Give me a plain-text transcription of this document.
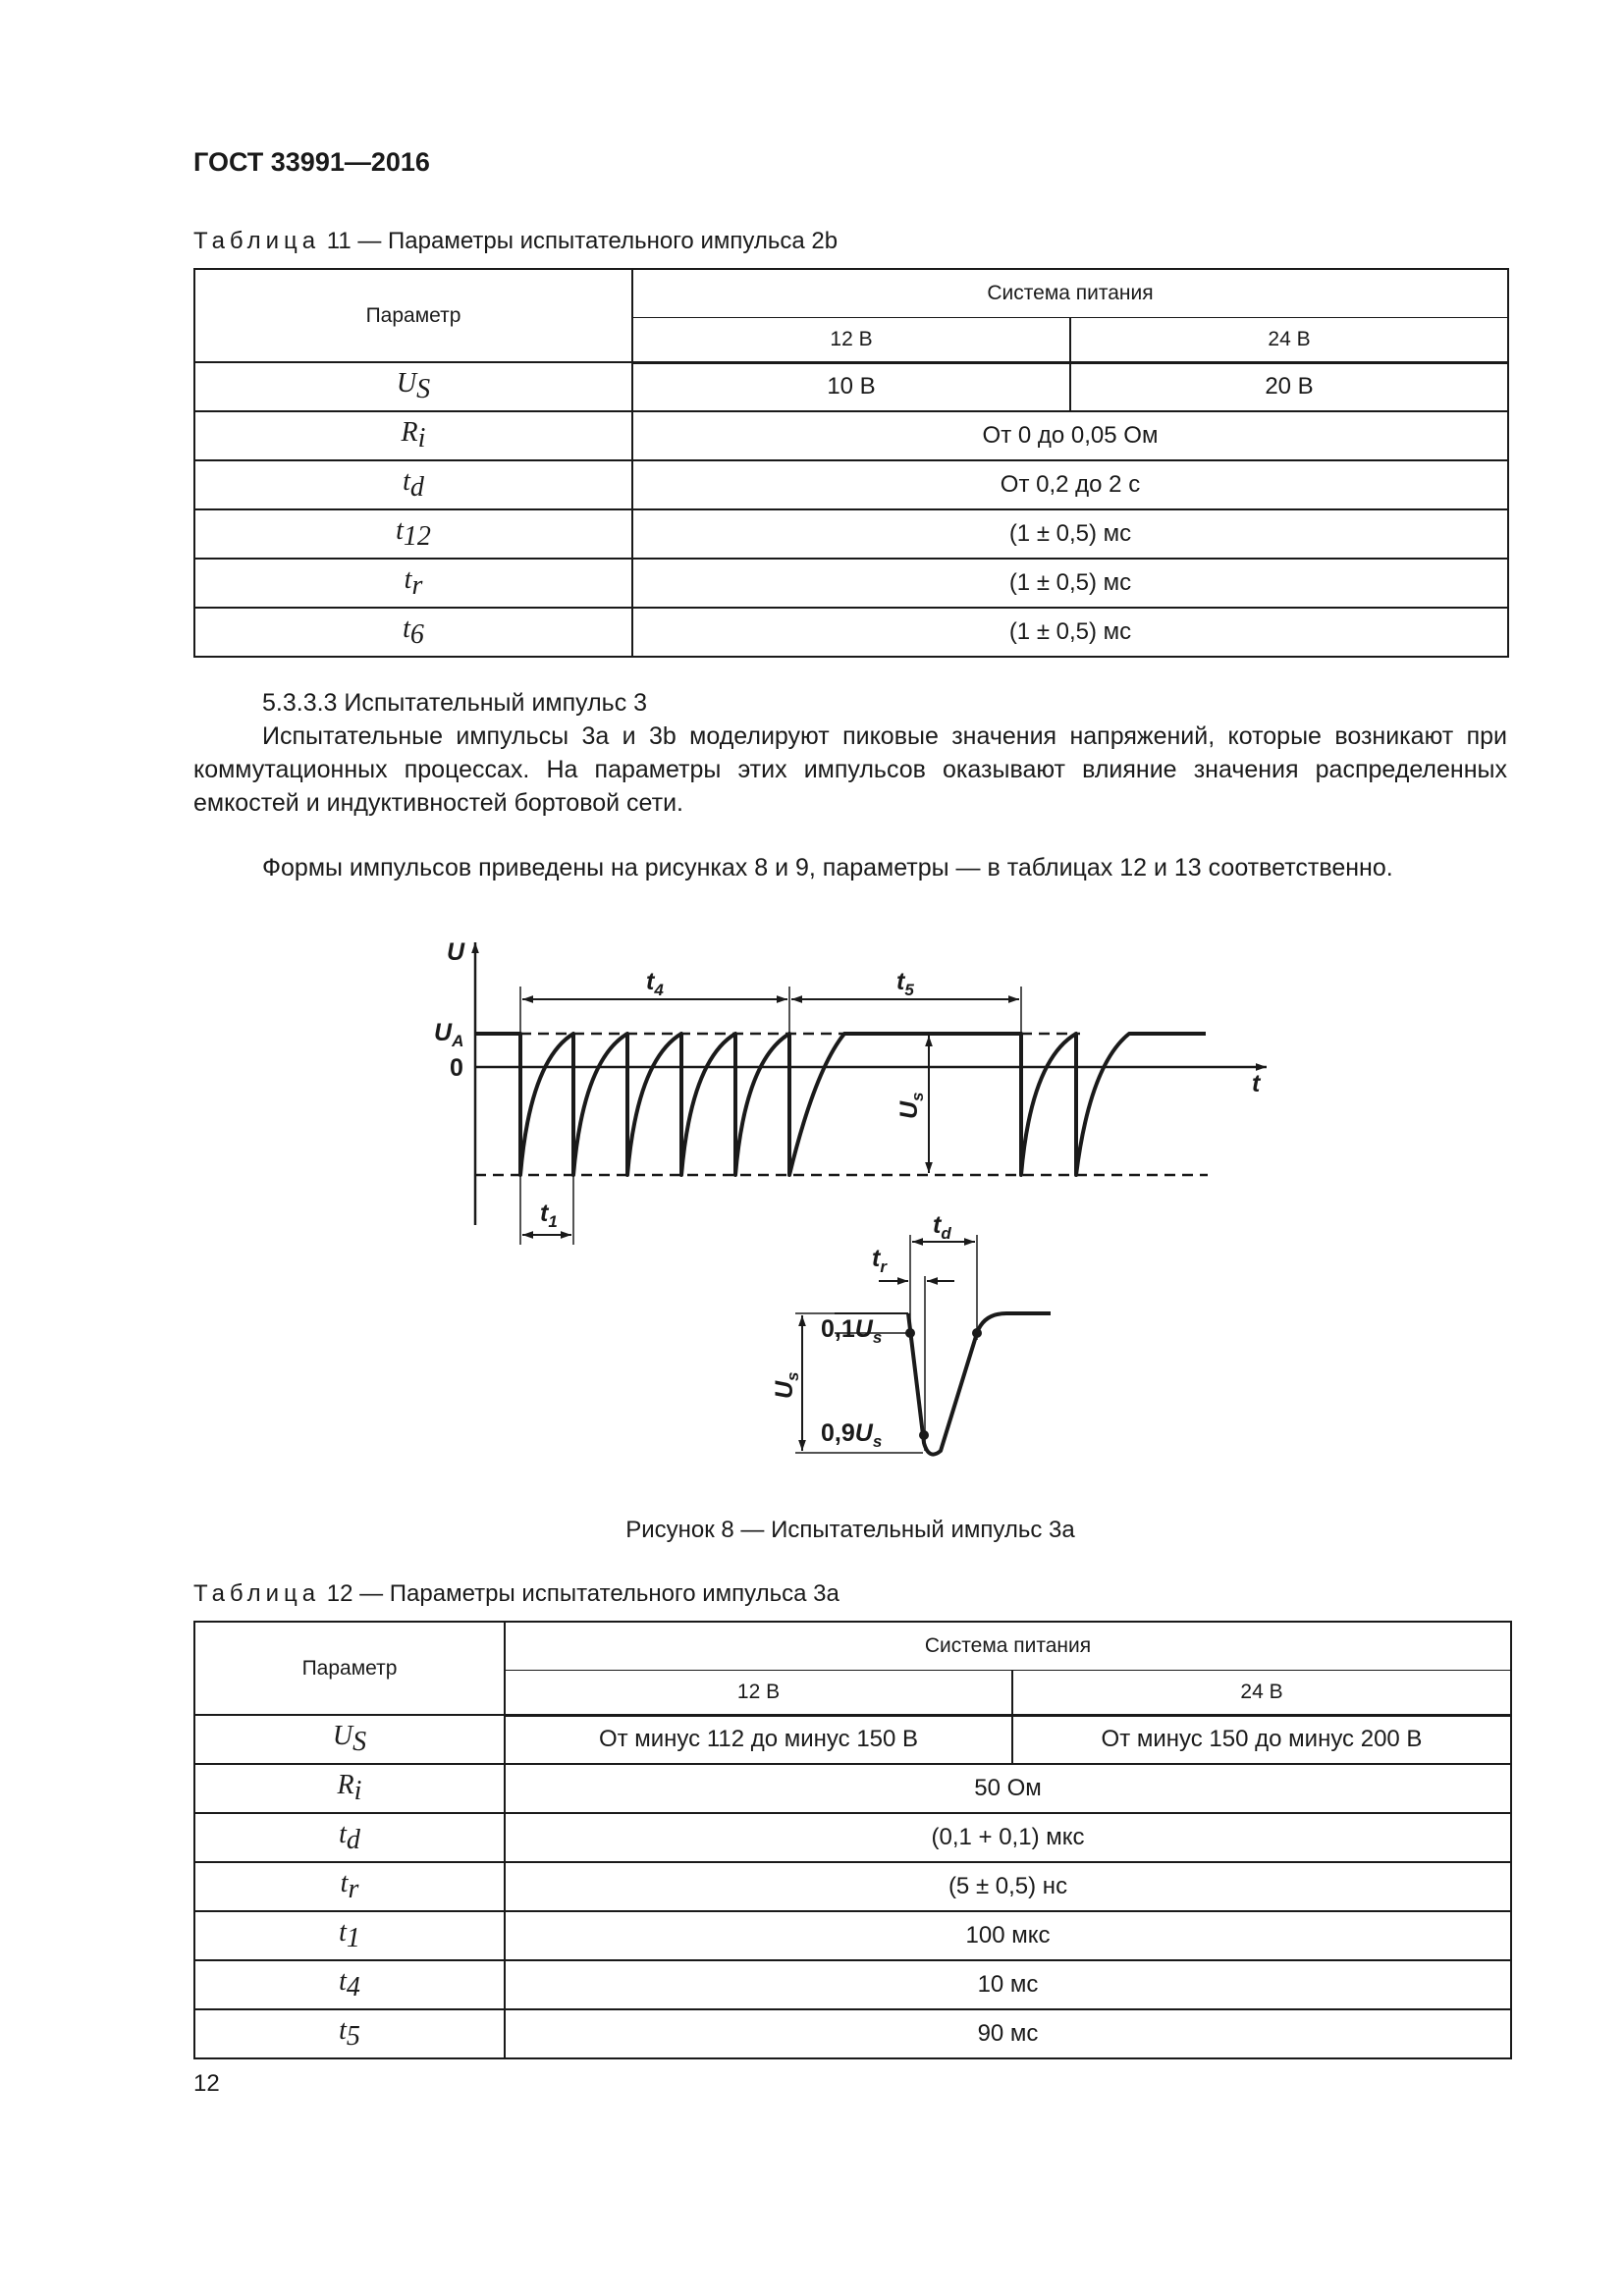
ГОСТ 33991—2016
Таблица 11 — Параметры испытательного импульса 2b
Параметр	Система питания	
	12 В	24 В
$U_S$	10 В	20 В
$R_i$	От 0 до 0,05 Ом	
$t_d$	От 0,2 до 2 с	
$t_{12}$	(1 ± 0,5) мс	
$t_r$	(1 ± 0,5) мс	
$t_6$	(1 ± 0,5) мс	
5.3.3.3 Испытательный импульс 3
Испытательные импульсы 3a и 3b моделируют пиковые значения напряжений, которые возникают при коммутационных процессах. На параметры этих импульсов оказывают влияние значения распределенных емкостей и индуктивностей бортовой сети.
Формы импульсов приведены на рисунках 8 и 9, параметры — в таблицах 12 и 13 соответственно.
U
$U_A$
0
t
$t_4$	$t_5$
$t_1$
$U_s$
$U_s$
$t_r$
$t_d$
$0,1U_s$
$0,9U_s$
Рисунок 8 — Испытательный импульс 3a
Таблица 12 — Параметры испытательного импульса 3a
Параметр	Система питания	
	12 В	24 В
$U_S$	От минус 112 до минус 150 В	От минус 150 до минус 200 В
$R_i$	50 Ом	
$t_d$	(0,1 + 0,1) мкс	
$t_r$	(5 ± 0,5) нс	
$t_1$	100 мкс	
$t_4$	10 мс	
$t_5$	90 мс	
12
